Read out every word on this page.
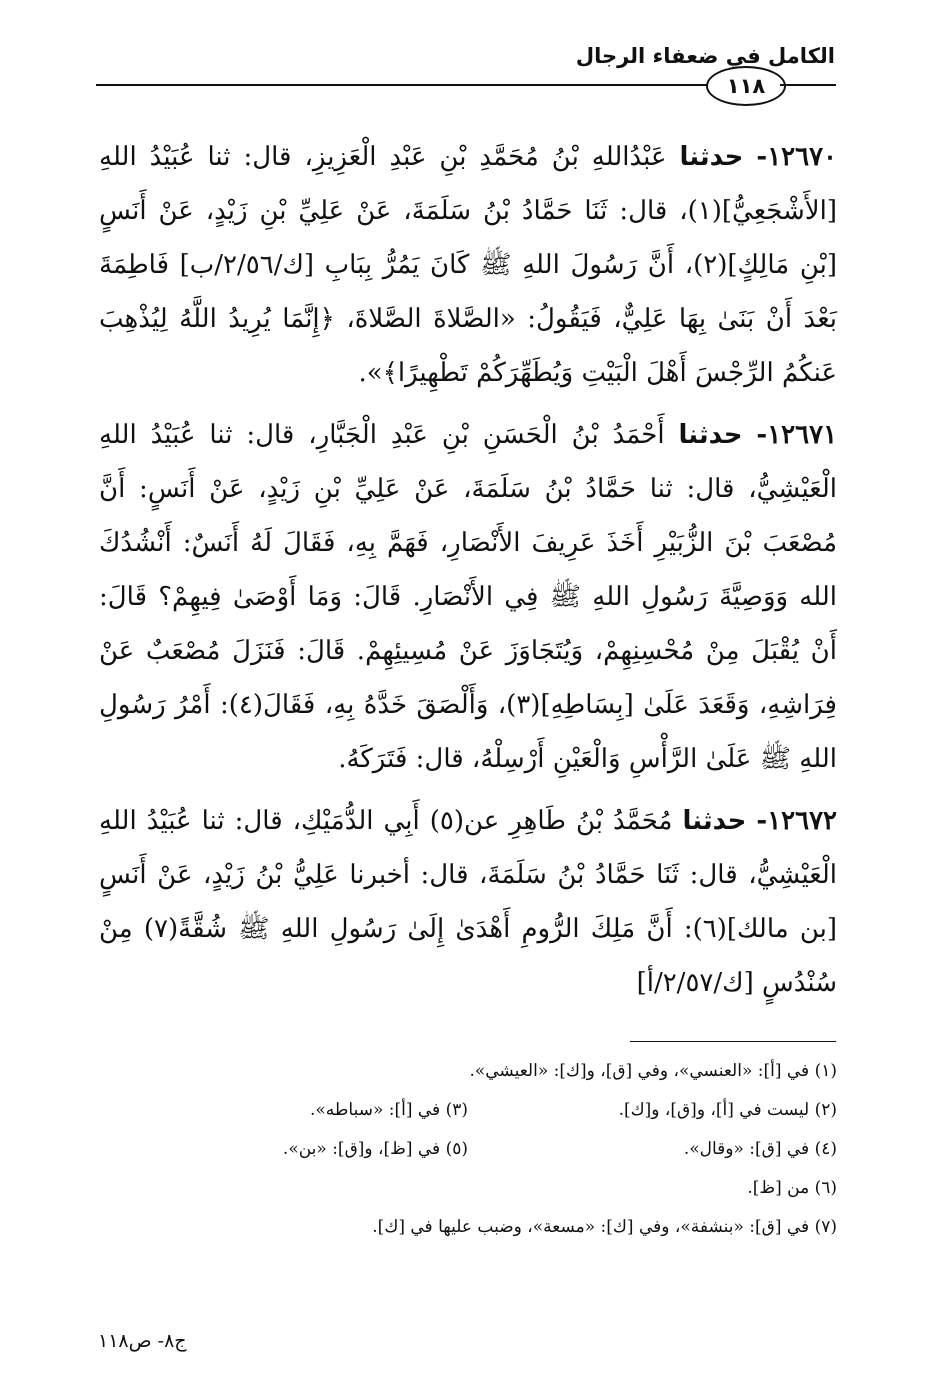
الكامل في ضعفاء الرجال
١١٨

١٢٦٧٠- حدثنا عَبْدُاللهِ بْنُ مُحَمَّدِ بْنِ عَبْدِ الْعَزِيزِ، قال: ثنا عُبَيْدُ اللهِ [الأَشْجَعِيُّ](١)، قال: ثَنَا حَمَّادُ بْنُ سَلَمَةَ، عَنْ عَلِيِّ بْنِ زَيْدٍ، عَنْ أَنَسٍ [بْنِ مَالِكٍ](٢)، أَنَّ رَسُولَ اللهِ ﷺ كَانَ يَمُرُّ بِبَابِ [ك/٢/٥٦/ب] فَاطِمَةَ بَعْدَ أَنْ بَنَىٰ بِهَا عَلِيٌّ، فَيَقُولُ: «الصَّلاةَ الصَّلاةَ، ﴿إِنَّمَا يُرِيدُ اللَّهُ لِيُذْهِبَ عَنكُمُ الرِّجْسَ أَهْلَ الْبَيْتِ وَيُطَهِّرَكُمْ تَطْهِيرًا﴾».

١٢٦٧١- حدثنا أَحْمَدُ بْنُ الْحَسَنِ بْنِ عَبْدِ الْجَبَّارِ، قال: ثنا عُبَيْدُ اللهِ الْعَيْشِيُّ، قال: ثنا حَمَّادُ بْنُ سَلَمَةَ، عَنْ عَلِيِّ بْنِ زَيْدٍ، عَنْ أَنَسٍ: أَنَّ مُصْعَبَ بْنَ الزُّبَيْرِ أَخَذَ عَرِيفَ الأَنْصَارِ، فَهَمَّ بِهِ، فَقَالَ لَهُ أَنَسٌ: أَنْشُدُكَ الله وَوَصِيَّةَ رَسُولِ اللهِ ﷺ فِي الأَنْصَارِ. قَالَ: وَمَا أَوْصَىٰ فِيهِمْ؟ قَالَ: أَنْ يُقْبَلَ مِنْ مُحْسِنِهِمْ، وَيُتَجَاوَزَ عَنْ مُسِيئِهِمْ. قَالَ: فَنَزَلَ مُصْعَبٌ عَنْ فِرَاشِهِ، وَقَعَدَ عَلَىٰ [بِسَاطِهِ](٣)، وَأَلْصَقَ خَدَّهُ بِهِ، فَقَالَ(٤): أَمْرُ رَسُولِ اللهِ ﷺ عَلَىٰ الرَّأْسِ وَالْعَيْنِ أَرْسِلْهُ، قال: فَتَرَكَهُ.

١٢٦٧٢- حدثنا مُحَمَّدُ بْنُ طَاهِرِ عن(٥) أَبِي الدُّمَيْكِ، قال: ثنا عُبَيْدُ اللهِ الْعَيْشِيُّ، قال: ثَنَا حَمَّادُ بْنُ سَلَمَةَ، قال: أخبرنا عَلِيُّ بْنُ زَيْدٍ، عَنْ أَنَسٍ [بن مالك](٦): أَنَّ مَلِكَ الرُّومِ أَهْدَىٰ إِلَىٰ رَسُولِ اللهِ ﷺ شُقَّةً(٧) مِنْ سُنْدُسٍ [ك/٢/٥٧/أ]

(١) في [أ]: «العنسي»، وفي [ق]، و[ك]: «العيشي».
(٢) ليست في [أ]، و[ق]، و[ك].
(٣) في [أ]: «سباطه».
(٤) في [ق]: «وقال».
(٥) في [ظ]، و[ق]: «بن».
(٦) من [ظ].
(٧) في [ق]: «بنشفة»، وفي [ك]: «مسعة»، وضبب عليها في [ك].
ج٨- ص١١٨
